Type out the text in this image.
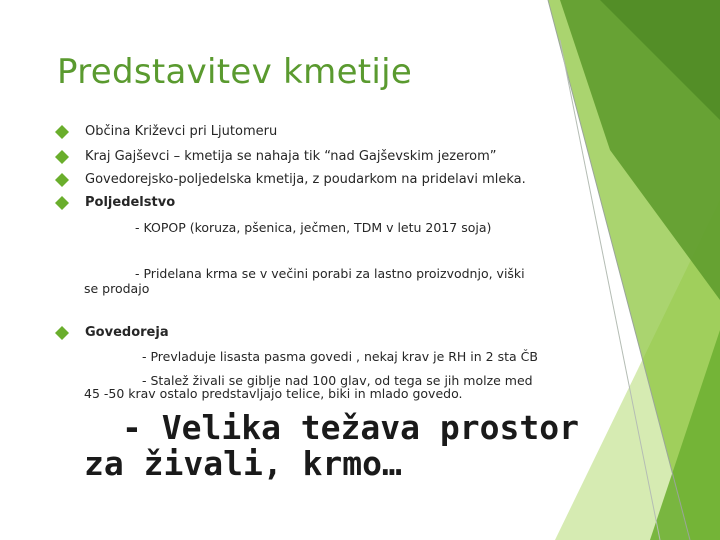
Predstavitev kmetije
Občina Križevci pri Ljutomeru
Kraj Gajševci – kmetija se nahaja tik “nad Gajševskim jezerom”
Govedorejsko-poljedelska kmetija, z poudarkom na pridelavi mleka.
Poljedelstvo
- KOPOP (koruza, pšenica, ječmen, TDM v letu 2017 soja)
- Pridelana krma se v večini porabi za lastno proizvodnjo, viški
se prodajo
Govedoreja
- Prevladuje lisasta pasma govedi , nekaj krav je RH in 2 sta ČB
- Stalež živali se giblje nad 100 glav, od tega se jih molze med
45 -50 krav ostalo predstavljajo telice, biki in mlado govedo.
- Velika težava prostor
za živali, krmo…
